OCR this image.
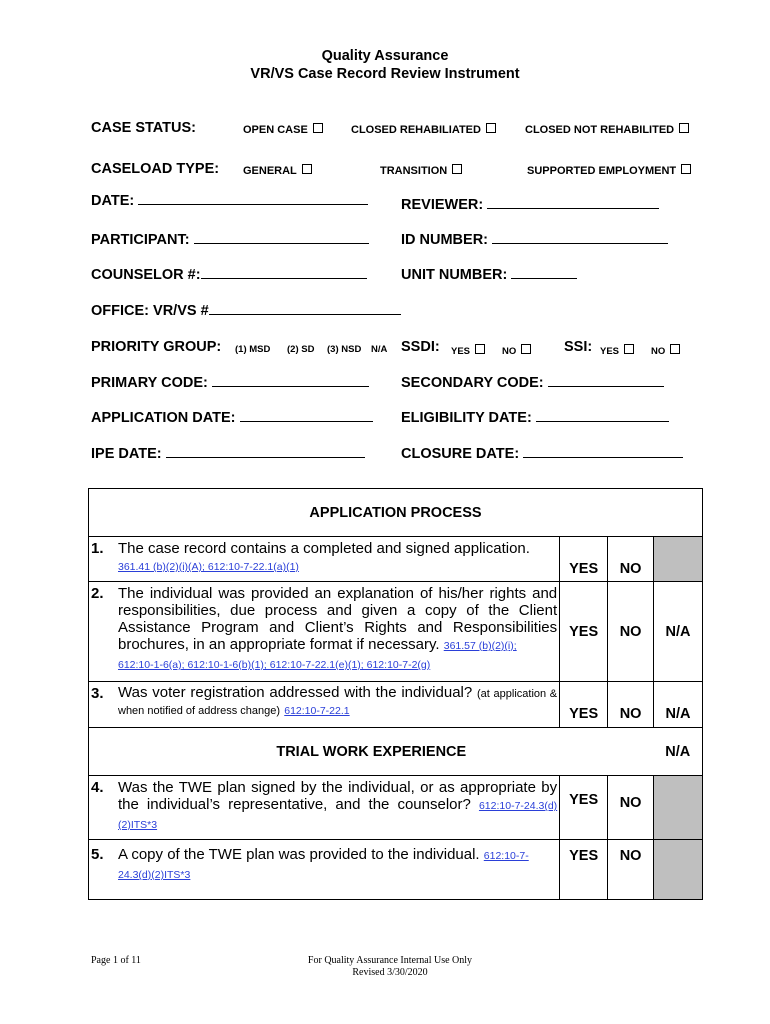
Quality Assurance
VR/VS Case Record Review Instrument
CASE STATUS:	OPEN CASE	CLOSED REHABILIATED	CLOSED NOT REHABILITED
CASELOAD TYPE: GENERAL	TRANSITION	SUPPORTED EMPLOYMENT
DATE:	REVIEWER:
PARTICIPANT:	ID NUMBER:
COUNSELOR #:	UNIT NUMBER:
OFFICE: VR/VS #
PRIORITY GROUP: (1) MSD (2) SD (3) NSD N/A SSDI: YES	NO	SSI: YES	NO
PRIMARY CODE:	SECONDARY CODE:
APPLICATION DATE:	ELIGIBILITY DATE:
IPE DATE:	CLOSURE DATE:
APPLICATION PROCESS			

1. The case record contains a completed and signed application.
361.41 (b)(2)(i)(A); 612:10-7-22.1(a)(1)	YES	NO	

2. The individual was provided an explanation of his/her rights and responsibilities, due process and given a copy of the Client Assistance Program and Client’s Rights and Responsibilities brochures, in an appropriate format if necessary. 361.57 (b)(2)(i);
612:10-1-6(a); 612:10-1-6(b)(1); 612:10-7-22.1(e)(1); 612:10-7-2(g)	YES	NO	N/A

3. Was voter registration addressed with the individual? (at application & when notified of address change) 612:10-7-22.1	YES	NO	N/A
TRIAL WORK EXPERIENCE			N/A

4. Was the TWE plan signed by the individual, or as appropriate by the individual’s representative, and the counselor? 612:10-7-24.3(d)(2)ITS*3	YES	NO	

5. A copy of the TWE plan was provided to the individual. 612:10-7-24.3(d)(2)ITS*3	YES	NO	
Page 1 of 11	For Quality Assurance Internal Use Only
Revised 3/30/2020
